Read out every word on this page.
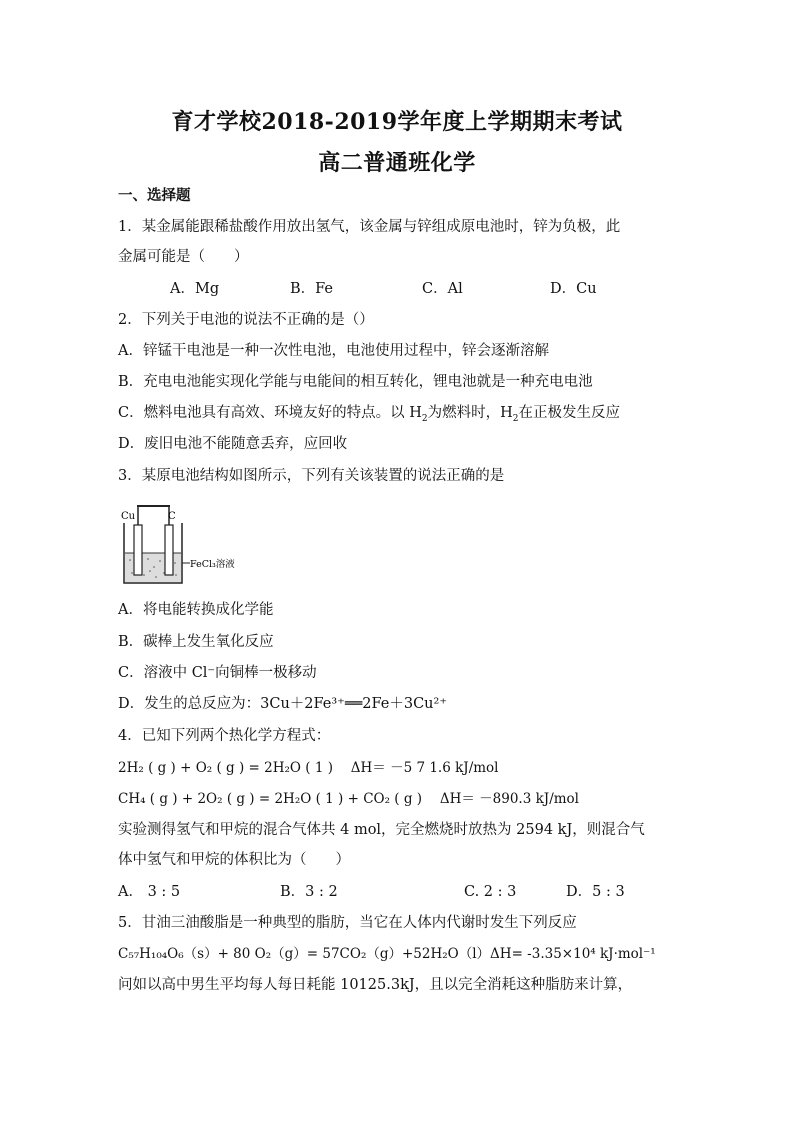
育才学校2018-2019学年度上学期期末考试
高二普通班化学
一、选择题
1．某金属能跟稀盐酸作用放出氢气，该金属与锌组成原电池时，锌为负极，此
金属可能是（　　）
A．Mg	B．Fe	C．Al	D．Cu
2．下列关于电池的说法不正确的是（）
A．锌锰干电池是一种一次性电池，电池使用过程中，锌会逐渐溶解
B．充电电池能实现化学能与电能间的相互转化，锂电池就是一种充电电池
C．燃料电池具有高效、环境友好的特点。以 $H_2$为燃料时，$H_2$在正极发生反应
D．废旧电池不能随意丢弃，应回收
3．某原电池结构如图所示，下列有关该装置的说法正确的是
Cu	C
FeCl₃溶液
A．将电能转换成化学能
B．碳棒上发生氧化反应
C．溶液中 Cl⁻向铜棒一极移动
D．发生的总反应为：3Cu＋2Fe³⁺══2Fe＋3Cu²⁺
4．已知下列两个热化学方程式：
2H₂ ( g ) + O₂ ( g ) = 2H₂O ( 1 )　 ΔH＝ －5 7 1.6 kJ/mol
CH₄ ( g ) + 2O₂ ( g ) = 2H₂O ( 1 ) + CO₂ ( g )　 ΔH＝ －890.3 kJ/mol
实验测得氢气和甲烷的混合气体共 4 mol，完全燃烧时放热为 2594 kJ，则混合气
体中氢气和甲烷的体积比为（　　）
A． 3 : 5	B．3 : 2	C. 2 : 3	D．5 : 3
5．甘油三油酸脂是一种典型的脂肪，当它在人体内代谢时发生下列反应
C₅₇H₁₀₄O₆（s）+ 80 O₂（g）= 57CO₂（g）+52H₂O（l）ΔH= -3.35×10⁴ kJ·mol⁻¹
问如以高中男生平均每人每日耗能 10125.3kJ，且以完全消耗这种脂肪来计算，
